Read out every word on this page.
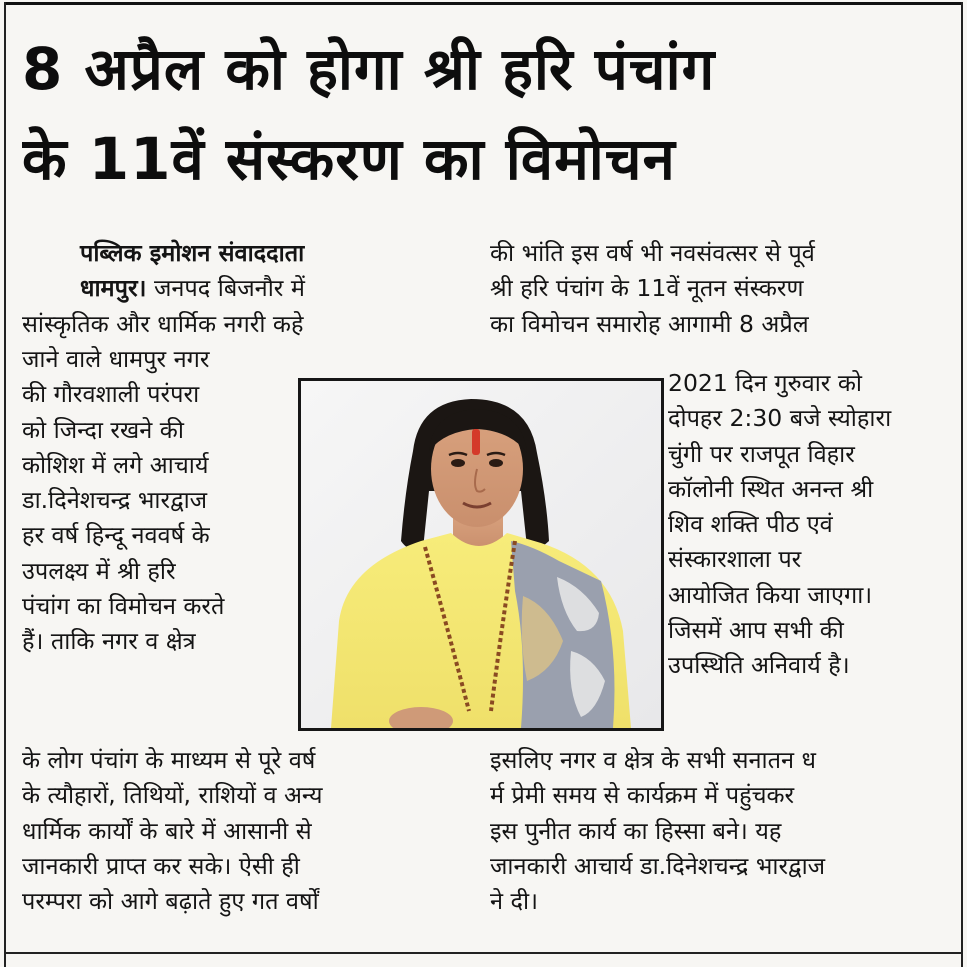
8 अप्रैल को होगा श्री हरि पंचांग
के 11वें संस्करण का विमोचन
पब्लिक इमोशन संवाददाता
धामपुर। जनपद बिजनौर में
सांस्कृतिक और धार्मिक नगरी कहे
जाने वाले धामपुर नगर
की गौरवशाली परंपरा
को जिन्दा रखने की
कोशिश में लगे आचार्य
डा.दिनेशचन्द्र भारद्वाज
हर वर्ष हिन्दू नववर्ष के
उपलक्ष्य में श्री हरि
पंचांग का विमोचन करते
हैं। ताकि नगर व क्षेत्र
के लोग पंचांग के माध्यम से पूरे वर्ष
के त्यौहारों, तिथियों, राशियों व अन्य
धार्मिक कार्यों के बारे में आसानी से
जानकारी प्राप्त कर सके। ऐसी ही
परम्परा को आगे बढ़ाते हुए गत वर्षों
की भांति इस वर्ष भी नवसंवत्सर से पूर्व
श्री हरि पंचांग के 11वें नूतन संस्करण
का विमोचन समारोह आगामी 8 अप्रैल
2021 दिन गुरुवार को
दोपहर 2:30 बजे स्योहारा
चुंगी पर राजपूत विहार
कॉलोनी स्थित अनन्त श्री
शिव शक्ति पीठ एवं
संस्कारशाला पर
आयोजित किया जाएगा।
जिसमें आप सभी की
उपस्थिति अनिवार्य है।
इसलिए नगर व क्षेत्र के सभी सनातन ध
र्म प्रेमी समय से कार्यक्रम में पहुंचकर
इस पुनीत कार्य का हिस्सा बने। यह
जानकारी आचार्य डा.दिनेशचन्द्र भारद्वाज
ने दी।
